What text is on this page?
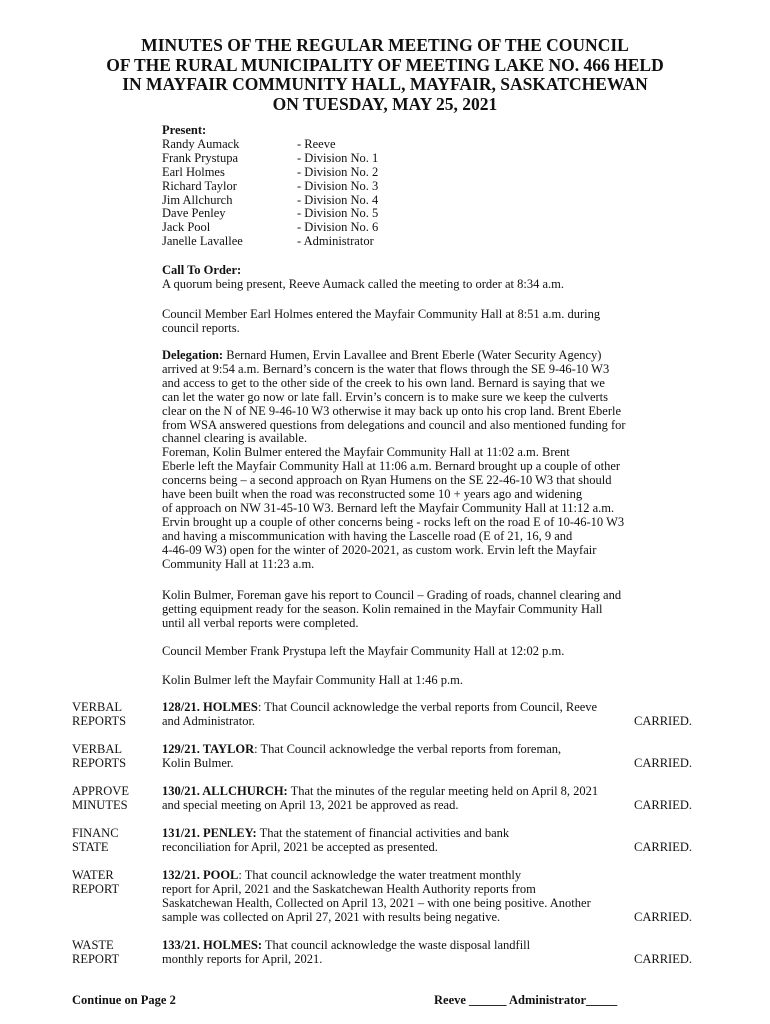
MINUTES OF THE REGULAR MEETING OF THE COUNCIL
OF THE RURAL MUNICIPALITY OF MEETING LAKE NO. 466 HELD
IN MAYFAIR COMMUNITY HALL, MAYFAIR, SASKATCHEWAN
ON TUESDAY, MAY 25, 2021
Present:
Randy Aumack	- Reeve
Frank Prystupa	- Division No. 1
Earl Holmes	- Division No. 2
Richard Taylor	- Division No. 3
Jim Allchurch	- Division No. 4
Dave Penley	- Division No. 5
Jack Pool	- Division No. 6
Janelle Lavallee	- Administrator
Call To Order:
A quorum being present, Reeve Aumack called the meeting to order at 8:34 a.m.
Council Member Earl Holmes entered the Mayfair Community Hall at 8:51 a.m. during
council reports.
Delegation: Bernard Humen, Ervin Lavallee and Brent Eberle (Water Security Agency)
arrived at 9:54 a.m. Bernard’s concern is the water that flows through the SE 9-46-10 W3
and access to get to the other side of the creek to his own land. Bernard is saying that we
can let the water go now or late fall. Ervin’s concern is to make sure we keep the culverts
clear on the N of NE 9-46-10 W3 otherwise it may back up onto his crop land. Brent Eberle
from WSA answered questions from delegations and council and also mentioned funding for
channel clearing is available.
Foreman, Kolin Bulmer entered the Mayfair Community Hall at 11:02 a.m. Brent
Eberle left the Mayfair Community Hall at 11:06 a.m. Bernard brought up a couple of other
concerns being – a second approach on Ryan Humens on the SE 22-46-10 W3 that should
have been built when the road was reconstructed some 10 + years ago and widening
of approach on NW 31-45-10 W3. Bernard left the Mayfair Community Hall at 11:12 a.m.
Ervin brought up a couple of other concerns being - rocks left on the road E of 10-46-10 W3
and having a miscommunication with having the Lascelle road (E of 21, 16, 9 and
4-46-09 W3) open for the winter of 2020-2021, as custom work. Ervin left the Mayfair
Community Hall at 11:23 a.m.
Kolin Bulmer, Foreman gave his report to Council – Grading of roads, channel clearing and
getting equipment ready for the season. Kolin remained in the Mayfair Community Hall
until all verbal reports were completed.
Council Member Frank Prystupa left the Mayfair Community Hall at 12:02 p.m.
Kolin Bulmer left the Mayfair Community Hall at 1:46 p.m.
VERBAL
REPORTS
128/21. HOLMES: That Council acknowledge the verbal reports from Council, Reeve
and Administrator.	CARRIED.
VERBAL
REPORTS
129/21. TAYLOR: That Council acknowledge the verbal reports from foreman,
Kolin Bulmer.	CARRIED.
APPROVE
MINUTES
130/21. ALLCHURCH: That the minutes of the regular meeting held on April 8, 2021
and special meeting on April 13, 2021 be approved as read.	CARRIED.
FINANC
STATE
131/21. PENLEY: That the statement of financial activities and bank
reconciliation for April, 2021 be accepted as presented.	CARRIED.
WATER
REPORT
132/21. POOL: That council acknowledge the water treatment monthly
report for April, 2021 and the Saskatchewan Health Authority reports from
Saskatchewan Health, Collected on April 13, 2021 – with one being positive. Another
sample was collected on April 27, 2021 with results being negative.	CARRIED.
WASTE
REPORT
133/21. HOLMES: That council acknowledge the waste disposal landfill
monthly reports for April, 2021.	CARRIED.
Continue on Page 2	Reeve ______ Administrator_____
